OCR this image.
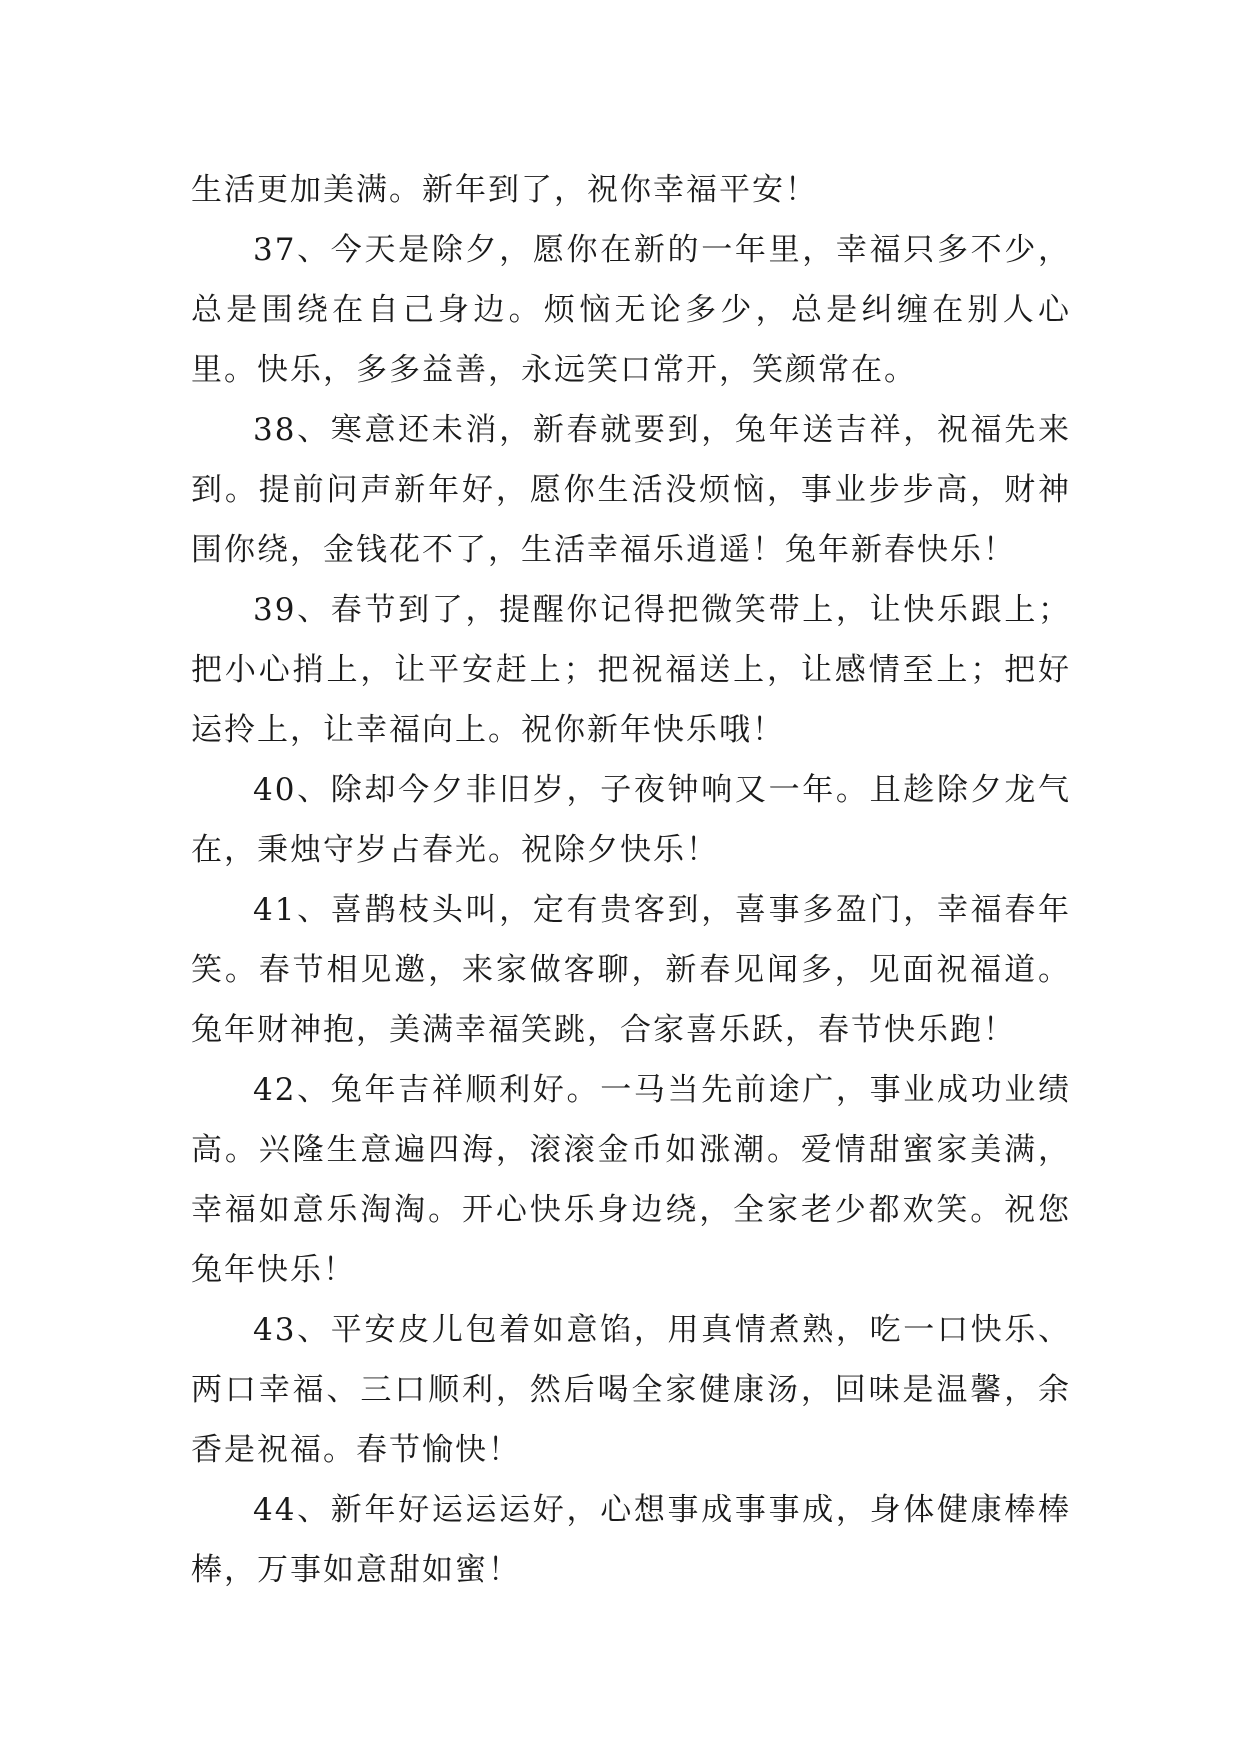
生活更加美满。新年到了，祝你幸福平安！

37、今天是除夕，愿你在新的一年里，幸福只多不少，总是围绕在自己身边。烦恼无论多少，总是纠缠在别人心里。快乐，多多益善，永远笑口常开，笑颜常在。

38、寒意还未消，新春就要到，兔年送吉祥，祝福先来到。提前问声新年好，愿你生活没烦恼，事业步步高，财神围你绕，金钱花不了，生活幸福乐逍遥！兔年新春快乐！

39、春节到了，提醒你记得把微笑带上，让快乐跟上；把小心捎上，让平安赶上；把祝福送上，让感情至上；把好运拎上，让幸福向上。祝你新年快乐哦！

40、除却今夕非旧岁，子夜钟响又一年。且趁除夕龙气在，秉烛守岁占春光。祝除夕快乐！

41、喜鹊枝头叫，定有贵客到，喜事多盈门，幸福春年笑。春节相见邀，来家做客聊，新春见闻多，见面祝福道。兔年财神抱，美满幸福笑跳，合家喜乐跃，春节快乐跑！

42、兔年吉祥顺利好。一马当先前途广，事业成功业绩高。兴隆生意遍四海，滚滚金币如涨潮。爱情甜蜜家美满，幸福如意乐淘淘。开心快乐身边绕，全家老少都欢笑。祝您兔年快乐！

43、平安皮儿包着如意馅，用真情煮熟，吃一口快乐、两口幸福、三口顺利，然后喝全家健康汤，回味是温馨，余香是祝福。春节愉快！

44、新年好运运运好，心想事成事事成，身体健康棒棒棒，万事如意甜如蜜！
